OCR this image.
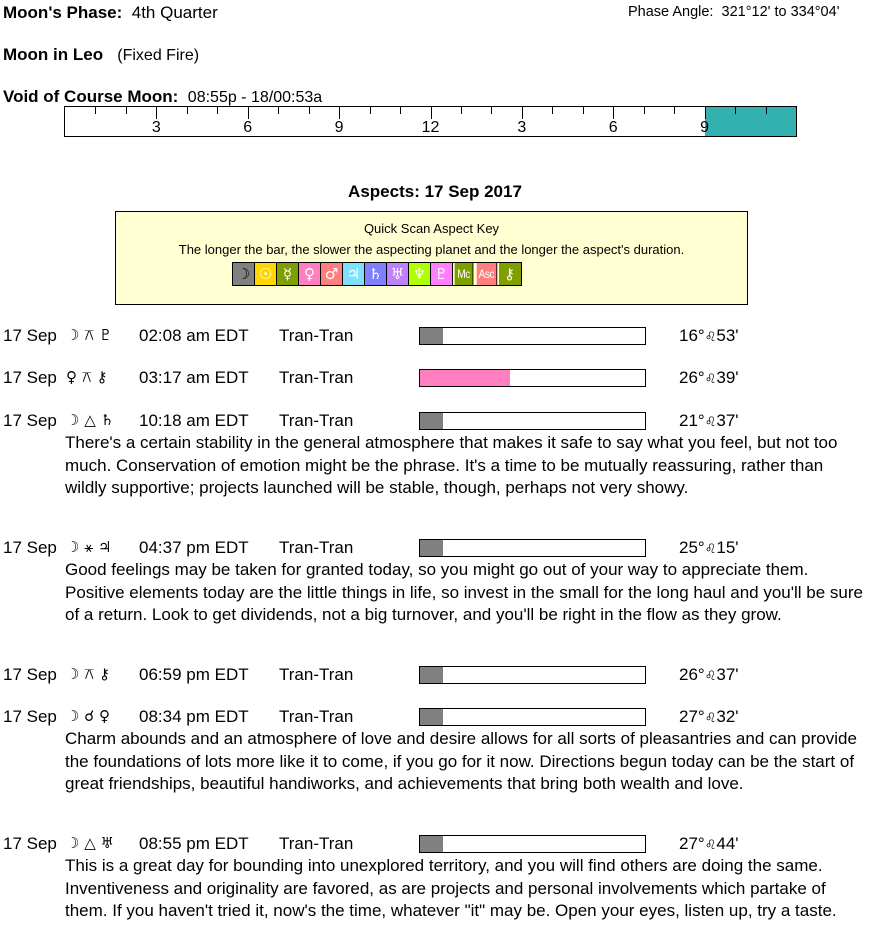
Moon's Phase: 4th Quarter	Phase Angle: 321°12' to 334°04'
Moon in Leo (Fixed Fire)
Void of Course Moon: 08:55p - 18/00:53a
3	6	9	12	3	6	9
Aspects: 17 Sep 2017
Quick Scan Aspect Key
The longer the bar, the slower the aspecting planet and the longer the aspect's duration.
☽ ☉ ☿ ♀ ♂ ♃ ♄ ♅ ♆ ♇ Mc Asc ⚷
17 Sep ☽ ⚻ ♇ 02:08 am EDT Tran-Tran	16°♌53'
17 Sep ♀ ⚻ ⚷ 03:17 am EDT Tran-Tran	26°♌39'
17 Sep ☽ △ ♄ 10:18 am EDT Tran-Tran	21°♌37'
There's a certain stability in the general atmosphere that makes it safe to say what you feel, but not too much. Conservation of emotion might be the phrase. It's a time to be mutually reassuring, rather than wildly supportive; projects launched will be stable, though, perhaps not very showy.
17 Sep ☽ ⚹ ♃ 04:37 pm EDT Tran-Tran	25°♌15'
Good feelings may be taken for granted today, so you might go out of your way to appreciate them. Positive elements today are the little things in life, so invest in the small for the long haul and you'll be sure of a return. Look to get dividends, not a big turnover, and you'll be right in the flow as they grow.
17 Sep ☽ ⚻ ⚷ 06:59 pm EDT Tran-Tran	26°♌37'
17 Sep ☽ ☌ ♀ 08:34 pm EDT Tran-Tran	27°♌32'
Charm abounds and an atmosphere of love and desire allows for all sorts of pleasantries and can provide the foundations of lots more like it to come, if you go for it now. Directions begun today can be the start of great friendships, beautiful handiworks, and achievements that bring both wealth and love.
17 Sep ☽ △ ♅ 08:55 pm EDT Tran-Tran	27°♌44'
This is a great day for bounding into unexplored territory, and you will find others are doing the same. Inventiveness and originality are favored, as are projects and personal involvements which partake of them. If you haven't tried it, now's the time, whatever "it" may be. Open your eyes, listen up, try a taste.
